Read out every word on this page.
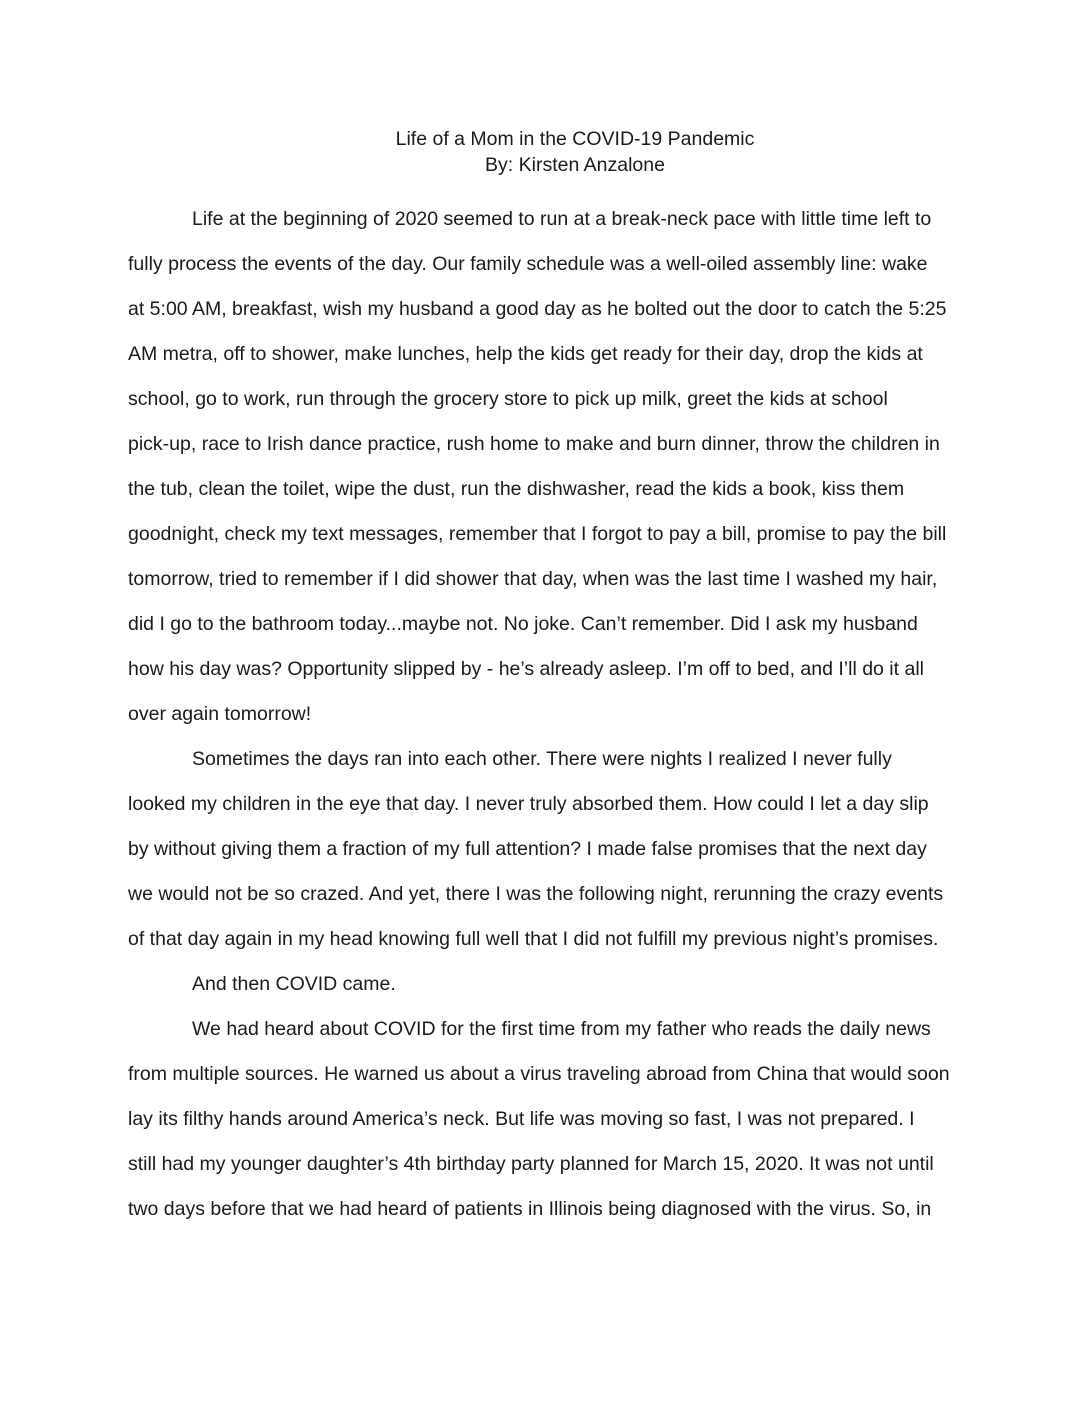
Life of a Mom in the COVID-19 Pandemic
By: Kirsten Anzalone
Life at the beginning of 2020 seemed to run at a break-neck pace with little time left to
fully process the events of the day. Our family schedule was a well-oiled assembly line: wake
at 5:00 AM, breakfast, wish my husband a good day as he bolted out the door to catch the 5:25
AM metra, off to shower, make lunches, help the kids get ready for their day, drop the kids at
school, go to work, run through the grocery store to pick up milk, greet the kids at school
pick-up, race to Irish dance practice, rush home to make and burn dinner, throw the children in
the tub, clean the toilet, wipe the dust, run the dishwasher, read the kids a book, kiss them
goodnight, check my text messages, remember that I forgot to pay a bill, promise to pay the bill
tomorrow, tried to remember if I did shower that day, when was the last time I washed my hair,
did I go to the bathroom today...maybe not. No joke. Can’t remember. Did I ask my husband
how his day was? Opportunity slipped by - he’s already asleep. I’m off to bed, and I’ll do it all
over again tomorrow!
Sometimes the days ran into each other. There were nights I realized I never fully
looked my children in the eye that day. I never truly absorbed them. How could I let a day slip
by without giving them a fraction of my full attention? I made false promises that the next day
we would not be so crazed. And yet, there I was the following night, rerunning the crazy events
of that day again in my head knowing full well that I did not fulfill my previous night’s promises.
And then COVID came.
We had heard about COVID for the first time from my father who reads the daily news
from multiple sources. He warned us about a virus traveling abroad from China that would soon
lay its filthy hands around America’s neck. But life was moving so fast, I was not prepared. I
still had my younger daughter’s 4th birthday party planned for March 15, 2020. It was not until
two days before that we had heard of patients in Illinois being diagnosed with the virus. So, in
